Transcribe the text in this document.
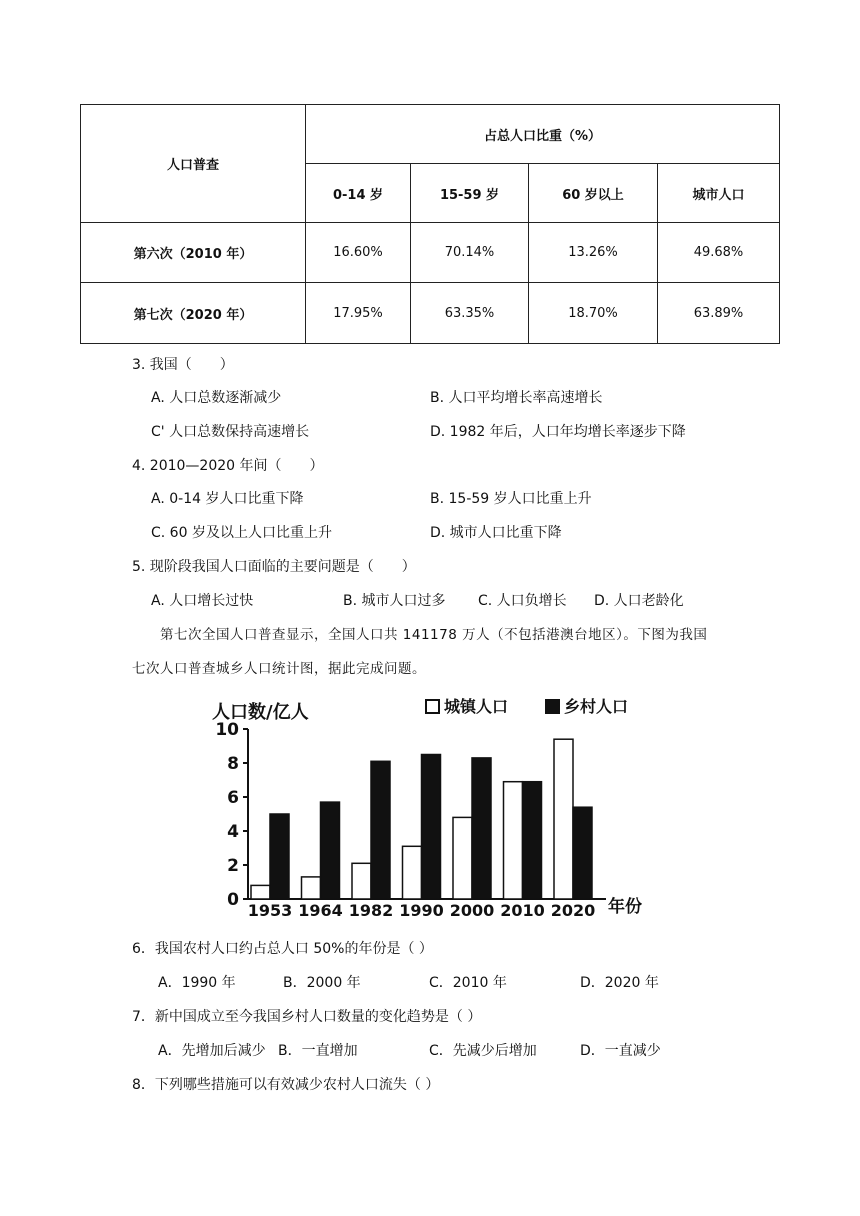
人口普查	占总人口比重（%）			
	0-14 岁	15-59 岁	60 岁以上	城市人口
第六次（2010 年）	16.60%	70.14%	13.26%	49.68%
第七次（2020 年）	17.95%	63.35%	18.70%	63.89%
3. 我国（　　）
A. 人口总数逐渐减少	B. 人口平均增长率高速增长
C' 人口总数保持高速增长	D. 1982 年后，人口年均增长率逐步下降
4. 2010—2020 年间（　　）
A. 0-14 岁人口比重下降	B. 15-59 岁人口比重上升
C. 60 岁及以上人口比重上升	D. 城市人口比重下降
5. 现阶段我国人口面临的主要问题是（　　）
A. 人口增长过快	B. 城市人口过多 C. 人口负增长 D. 人口老龄化
第七次全国人口普查显示，全国人口共 141178 万人（不包括港澳台地区）。下图为我国
七次人口普查城乡人口统计图，据此完成问题。
人口数/亿人	城镇人口	乡村人口
0
2
4
6
8
10
1953 1964 1982 1990 2000 2010 2020 年份
6．我国农村人口约占总人口 50%的年份是（ ）
A．1990 年	B．2000 年	C．2010 年	D．2020 年
7．新中国成立至今我国乡村人口数量的变化趋势是（ ）
A．先增加后减少 B．一直增加	C．先减少后增加	D．一直减少
8．下列哪些措施可以有效减少农村人口流失（ ）
